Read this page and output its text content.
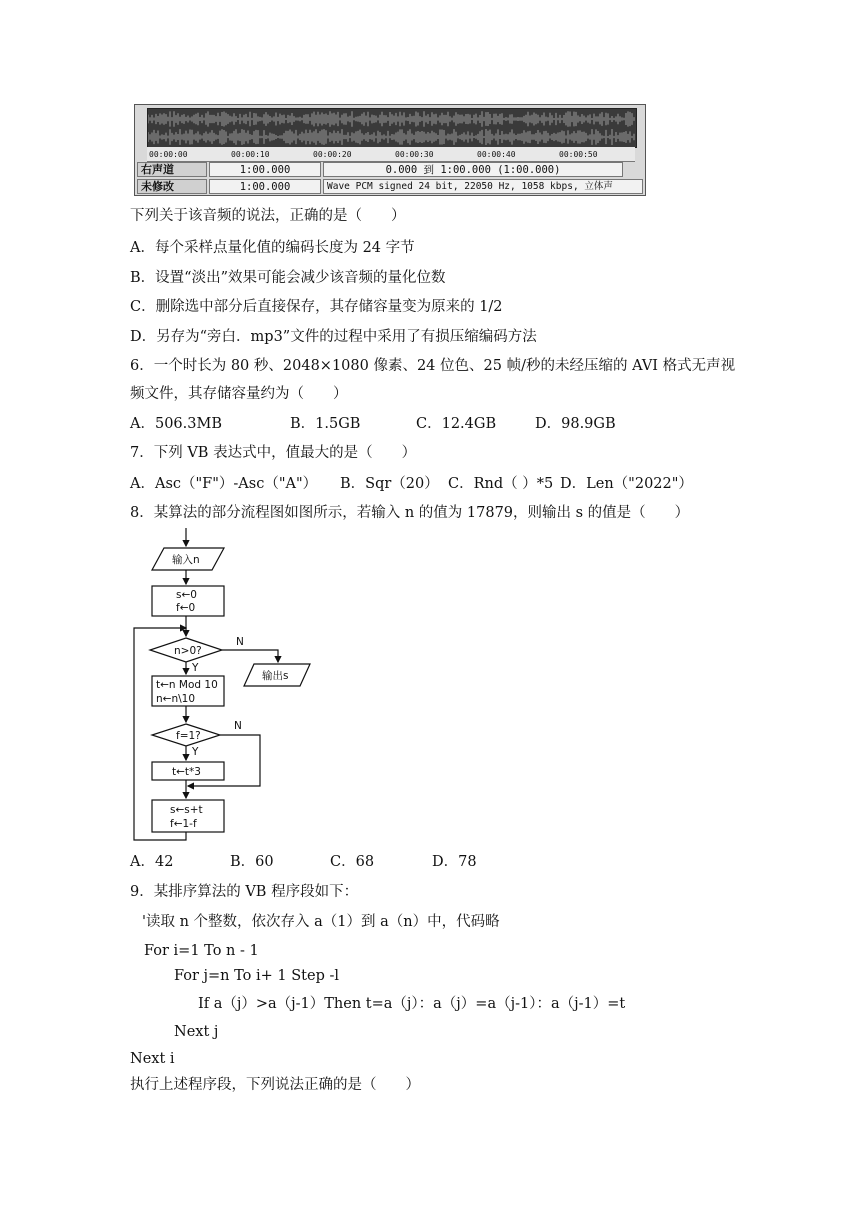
00:00:00	00:00:10	00:00:20	00:00:30	00:00:40	00:00:50
右声道	1:00.000	0.000 到 1:00.000 (1:00.000)
未修改	1:00.000	Wave PCM signed 24 bit, 22050 Hz, 1058 kbps, 立体声
下列关于该音频的说法，正确的是（　　）
A．每个采样点量化值的编码长度为 24 字节
B．设置“淡出”效果可能会减少该音频的量化位数
C．删除选中部分后直接保存，其存储容量变为原来的 1/2
D．另存为“旁白．mp3”文件的过程中采用了有损压缩编码方法
6．一个时长为 80 秒、2048×1080 像素、24 位色、25 帧/秒的未经压缩的 AVI 格式无声视
频文件，其存储容量约为（　　）
A．506.3MB	B．1.5GB	C．12.4GB	D．98.9GB
7．下列 VB 表达式中，值最大的是（　　）
A．Asc（"F"）-Asc（"A"） B．Sqr（20） C．Rnd（ ）*5 D．Len（"2022"）
8．某算法的部分流程图如图所示，若输入 n 的值为 17879，则输出 s 的值是（　　）
输入n
s←0
f←0
n>0?
N
Y
输出s
t←n Mod 10
n←n\10
f=1?
N
Y
t←t*3
s←s+t
f←1-f
A．42	B．60	C．68	D．78
9．某排序算法的 VB 程序段如下：
'读取 n 个整数，依次存入 a（1）到 a（n）中，代码略
For i=1 To n - 1
For j=n To i+ 1 Step -l
If a（j）>a（j-1）Then t=a（j）：a（j）=a（j-1）：a（j-1）=t
Next j
Next i
执行上述程序段，下列说法正确的是（　　）
